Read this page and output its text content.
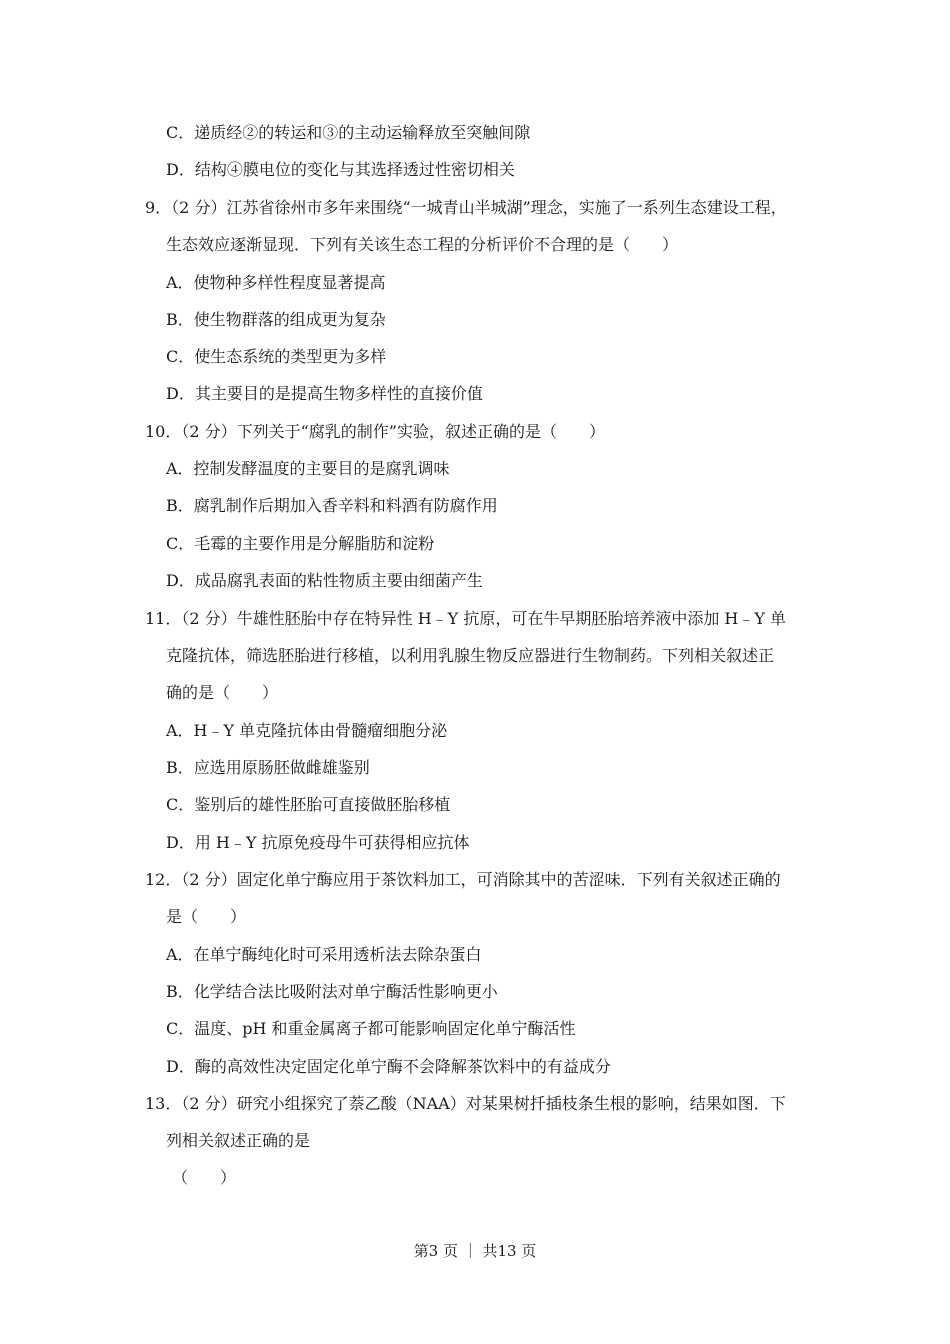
C．递质经②的转运和③的主动运输释放至突触间隙
D．结构④膜电位的变化与其选择透过性密切相关
9．（2 分）江苏省徐州市多年来围绕“一城青山半城湖”理念，实施了一系列生态建设工程，
生态效应逐渐显现．下列有关该生态工程的分析评价不合理的是（　　）
A．使物种多样性程度显著提高
B．使生物群落的组成更为复杂
C．使生态系统的类型更为多样
D．其主要目的是提高生物多样性的直接价值
10．（2 分）下列关于“腐乳的制作”实验，叙述正确的是（　　）
A．控制发酵温度的主要目的是腐乳调味
B．腐乳制作后期加入香辛料和料酒有防腐作用
C．毛霉的主要作用是分解脂肪和淀粉
D．成品腐乳表面的粘性物质主要由细菌产生
11．（2 分）牛雄性胚胎中存在特异性 H﹣Y 抗原，可在牛早期胚胎培养液中添加 H﹣Y 单
克隆抗体，筛选胚胎进行移植，以利用乳腺生物反应器进行生物制药。下列相关叙述正
确的是（　　）
A．H﹣Y 单克隆抗体由骨髓瘤细胞分泌
B．应选用原肠胚做雌雄鉴别
C．鉴别后的雄性胚胎可直接做胚胎移植
D．用 H﹣Y 抗原免疫母牛可获得相应抗体
12．（2 分）固定化单宁酶应用于茶饮料加工，可消除其中的苦涩味．下列有关叙述正确的
是（　　）
A．在单宁酶纯化时可采用透析法去除杂蛋白
B．化学结合法比吸附法对单宁酶活性影响更小
C．温度、pH 和重金属离子都可能影响固定化单宁酶活性
D．酶的高效性决定固定化单宁酶不会降解茶饮料中的有益成分
13．（2 分）研究小组探究了萘乙酸（NAA）对某果树扦插枝条生根的影响，结果如图．下
列相关叙述正确的是
（　　）
第3 页 ｜ 共13 页
